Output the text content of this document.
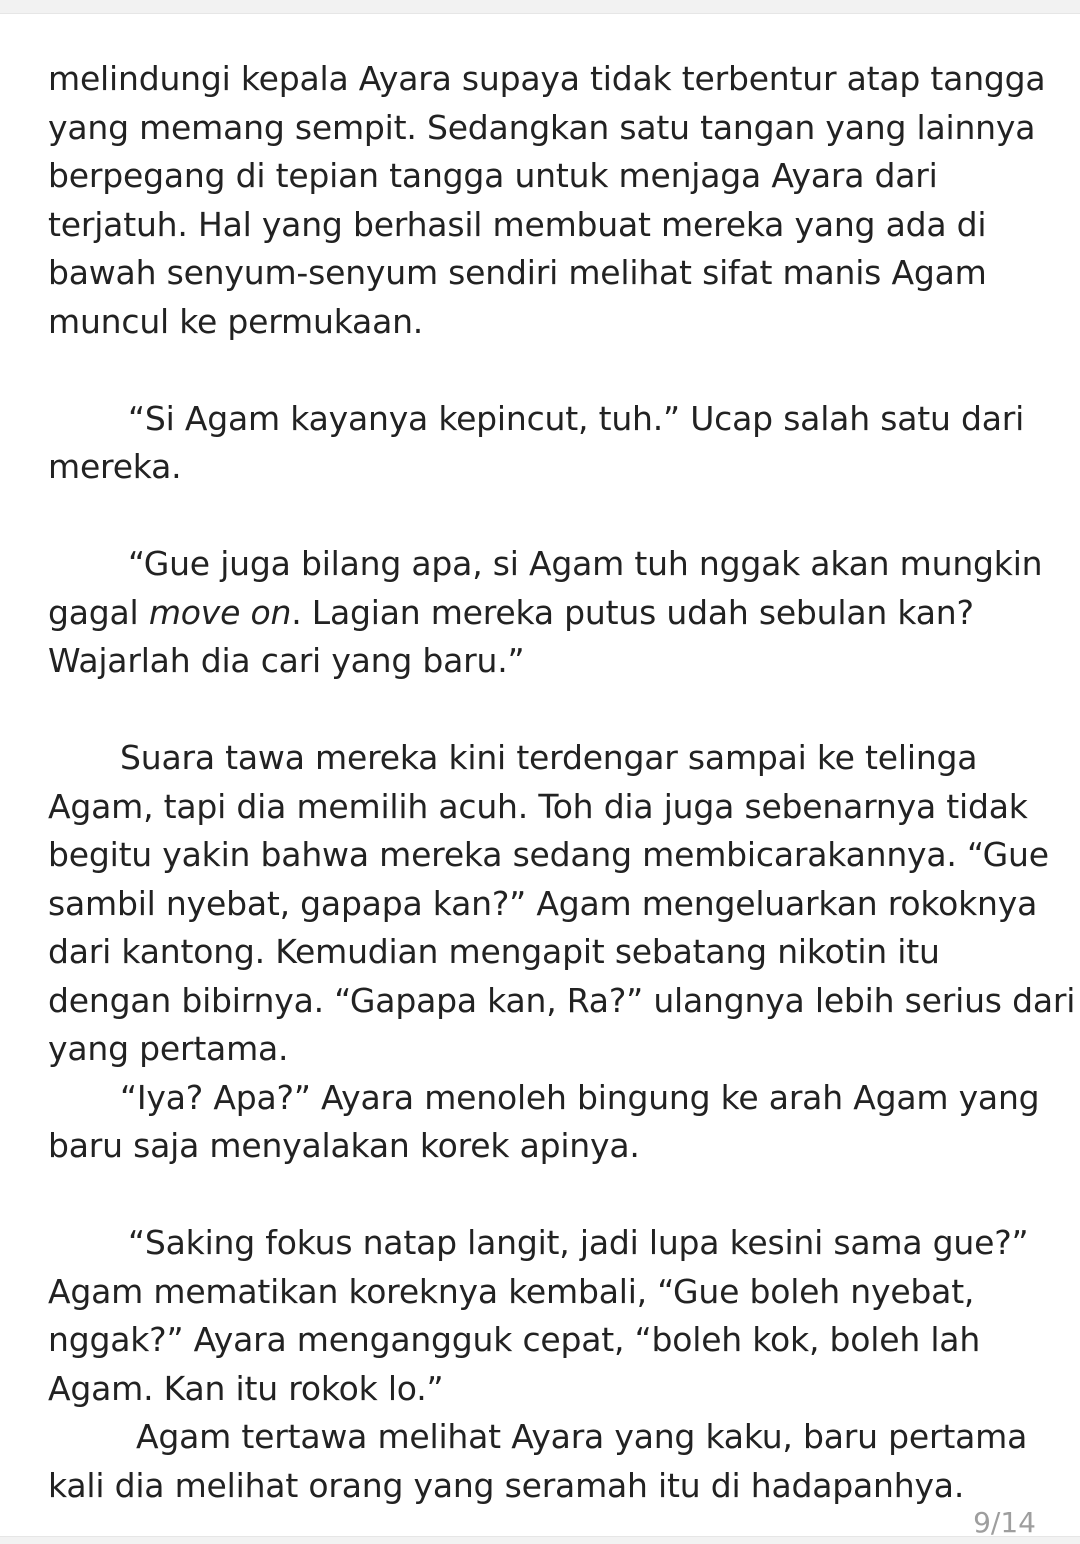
melindungi kepala Ayara supaya tidak terbentur atap tangga
yang memang sempit. Sedangkan satu tangan yang lainnya
berpegang di tepian tangga untuk menjaga Ayara dari
terjatuh. Hal yang berhasil membuat mereka yang ada di
bawah senyum-senyum sendiri melihat sifat manis Agam
muncul ke permukaan.
“Si Agam kayanya kepincut, tuh.” Ucap salah satu dari
mereka.
“Gue juga bilang apa, si Agam tuh nggak akan mungkin
gagal move on. Lagian mereka putus udah sebulan kan?
Wajarlah dia cari yang baru.”
Suara tawa mereka kini terdengar sampai ke telinga
Agam, tapi dia memilih acuh. Toh dia juga sebenarnya tidak
begitu yakin bahwa mereka sedang membicarakannya. “Gue
sambil nyebat, gapapa kan?” Agam mengeluarkan rokoknya
dari kantong. Kemudian mengapit sebatang nikotin itu
dengan bibirnya. “Gapapa kan, Ra?” ulangnya lebih serius dari
yang pertama.
“Iya? Apa?” Ayara menoleh bingung ke arah Agam yang
baru saja menyalakan korek apinya.
“Saking fokus natap langit, jadi lupa kesini sama gue?”
Agam mematikan koreknya kembali, “Gue boleh nyebat,
nggak?” Ayara mengangguk cepat, “boleh kok, boleh lah
Agam. Kan itu rokok lo.”
Agam tertawa melihat Ayara yang kaku, baru pertama
kali dia melihat orang yang seramah itu di hadapanhya.
9/14
